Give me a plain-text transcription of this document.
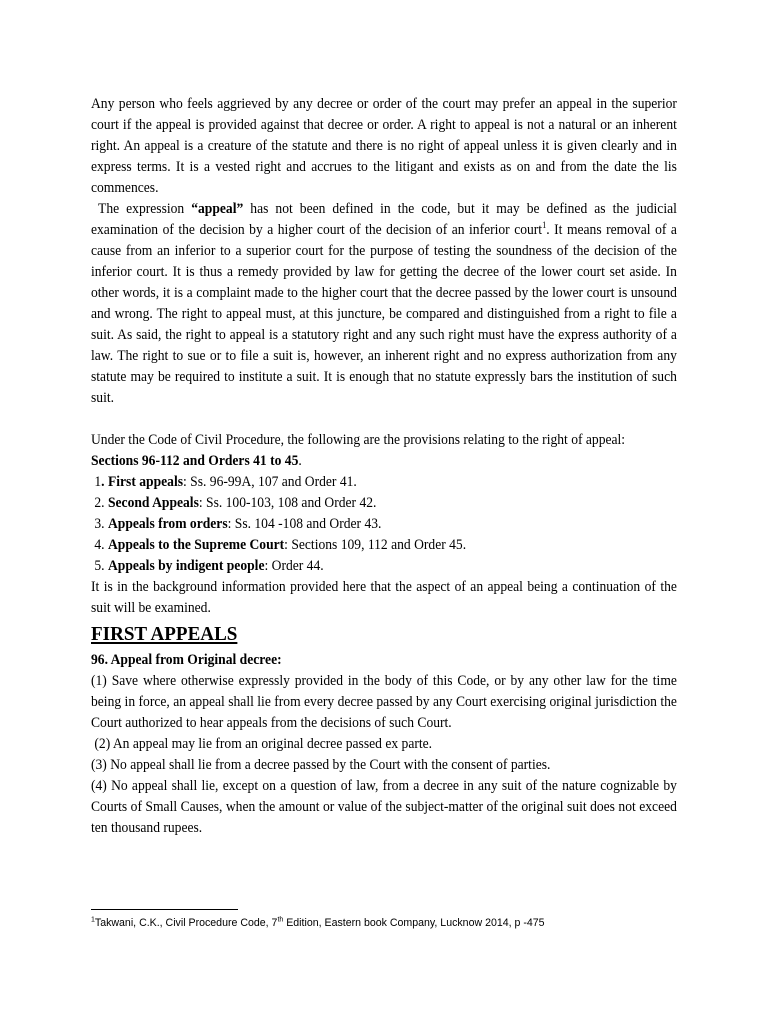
Any person who feels aggrieved by any decree or order of the court may prefer an appeal in the superior court if the appeal is provided against that decree or order. A right to appeal is not a natural or an inherent right. An appeal is a creature of the statute and there is no right of appeal unless it is given clearly and in express terms. It is a vested right and accrues to the litigant and exists as on and from the date the lis commences.

The expression “appeal” has not been defined in the code, but it may be defined as the judicial examination of the decision by a higher court of the decision of an inferior court$^1$. It means removal of a cause from an inferior to a superior court for the purpose of testing the soundness of the decision of the inferior court. It is thus a remedy provided by law for getting the decree of the lower court set aside. In other words, it is a complaint made to the higher court that the decree passed by the lower court is unsound and wrong. The right to appeal must, at this juncture, be compared and distinguished from a right to file a suit. As said, the right to appeal is a statutory right and any such right must have the express authority of a law. The right to sue or to file a suit is, however, an inherent right and no express authorization from any statute may be required to institute a suit. It is enough that no statute expressly bars the institution of such suit.

Under the Code of Civil Procedure, the following are the provisions relating to the right of appeal:

Sections 96-112 and Orders 41 to 45.

1. First appeals: Ss. 96-99A, 107 and Order 41.

2. Second Appeals: Ss. 100-103, 108 and Order 42.

3. Appeals from orders: Ss. 104 -108 and Order 43.

4. Appeals to the Supreme Court: Sections 109, 112 and Order 45.

5. Appeals by indigent people: Order 44.

It is in the background information provided here that the aspect of an appeal being a continuation of the suit will be examined.

FIRST APPEALS

96. Appeal from Original decree:

(1) Save where otherwise expressly provided in the body of this Code, or by any other law for the time being in force, an appeal shall lie from every decree passed by any Court exercising original jurisdiction the Court authorized to hear appeals from the decisions of such Court.

(2) An appeal may lie from an original decree passed ex parte.

(3) No appeal shall lie from a decree passed by the Court with the consent of parties.

(4) No appeal shall lie, except on a question of law, from a decree in any suit of the nature cognizable by Courts of Small Causes, when the amount or value of the subject-matter of the original suit does not exceed ten thousand rupees.

$^1$Takwani, C.K., Civil Procedure Code, 7th Edition, Eastern book Company, Lucknow 2014, p -475
